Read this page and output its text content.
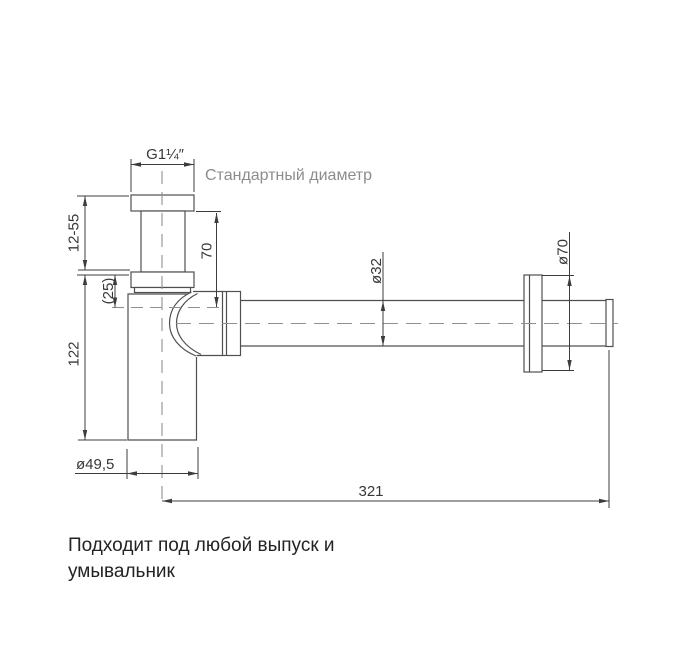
G1¼″
Стандартный диаметр
12-55
(25)
122
70
ø32
ø70
ø49,5
321
Подходит под любой выпуск и
умывальник
